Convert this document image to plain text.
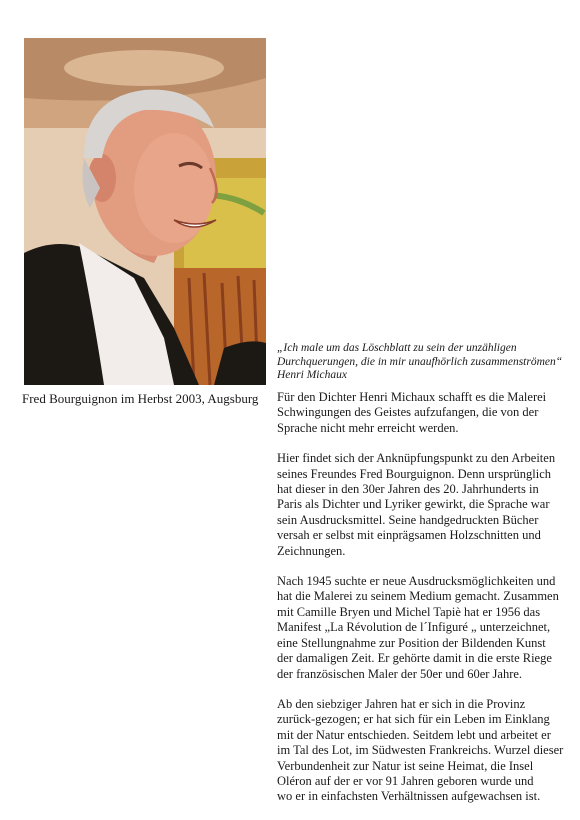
Fred Bourguignon im Herbst 2003, Augsburg

„Ich male um das Löschblatt zu sein der unzähligen
Durchquerungen, die in mir unaufhörlich zusammenströmen“

Henri Michaux

Für den Dichter Henri Michaux schafft es die Malerei
Schwingungen des Geistes aufzufangen, die von der
Sprache nicht mehr erreicht werden.

Hier findet sich der Anknüpfungspunkt zu den Arbeiten
seines Freundes Fred Bourguignon. Denn ursprünglich
hat dieser in den 30er Jahren des 20. Jahrhunderts in
Paris als Dichter und Lyriker gewirkt, die Sprache war
sein Ausdrucksmittel. Seine handgedruckten Bücher
versah er selbst mit einprägsamen Holzschnitten und
Zeichnungen.

Nach 1945 suchte er neue Ausdrucksmöglichkeiten und
hat die Malerei zu seinem Medium gemacht. Zusammen
mit Camille Bryen und Michel Tapiè hat er 1956 das
Manifest „La Révolution de l´Infiguré „ unterzeichnet,
eine Stellungnahme zur Position der Bildenden Kunst
der damaligen Zeit. Er gehörte damit in die erste Riege
der französischen Maler der 50er und 60er Jahre.

Ab den siebziger Jahren hat er sich in die Provinz
zurück-gezogen; er hat sich für ein Leben im Einklang
mit der Natur entschieden. Seitdem lebt und arbeitet er
im Tal des Lot, im Südwesten Frankreichs. Wurzel dieser
Verbundenheit zur Natur ist seine Heimat, die Insel
Oléron auf der er vor 91 Jahren geboren wurde und
wo er in einfachsten Verhältnissen aufgewachsen ist.
